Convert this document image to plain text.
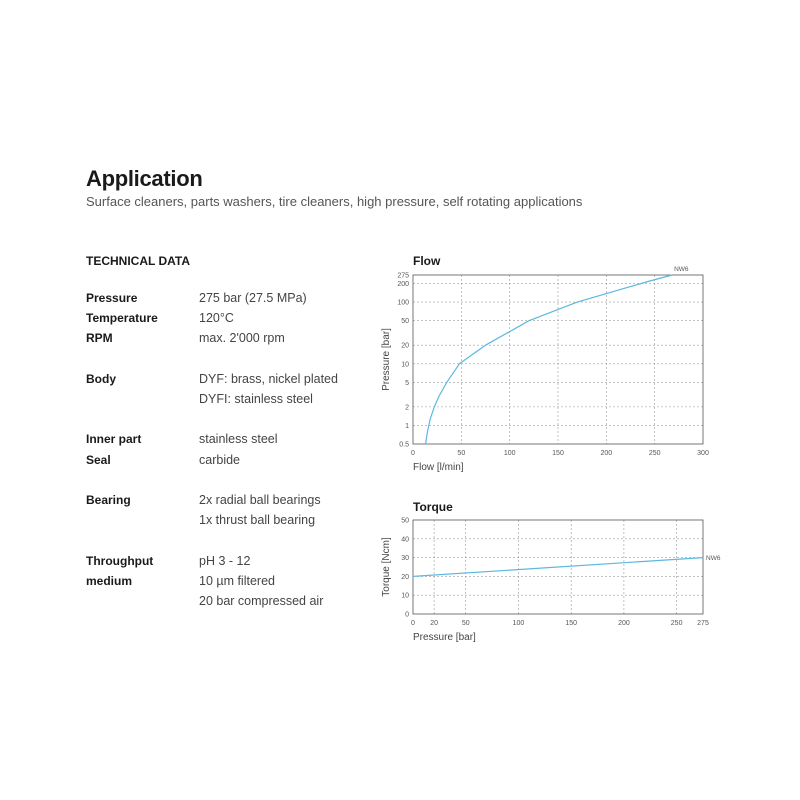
Application
Surface cleaners, parts washers, tire cleaners, high pressure, self rotating applications
TECHNICAL DATA
Pressure	275 bar (27.5 MPa)
Temperature	120°C
RPM	max. 2'000 rpm
Body	DYF: brass, nickel plated
DYFI: stainless steel
Inner part	stainless steel
Seal	carbide
Bearing	2x radial ball bearings
1x thrust ball bearing
Throughput	pH 3 - 12
medium	10 µm filtered
20 bar compressed air
Flow
Torque
0	50	100	150	200	250	300
0.5
1
2
5
10
20
50
100
200
275
Flow [l/min]
Pressure [bar]
NW6
0 20	50	100	150	200	250 275
0
10
20
30
40
50
Pressure [bar]
Torque [Ncm]	NW6
